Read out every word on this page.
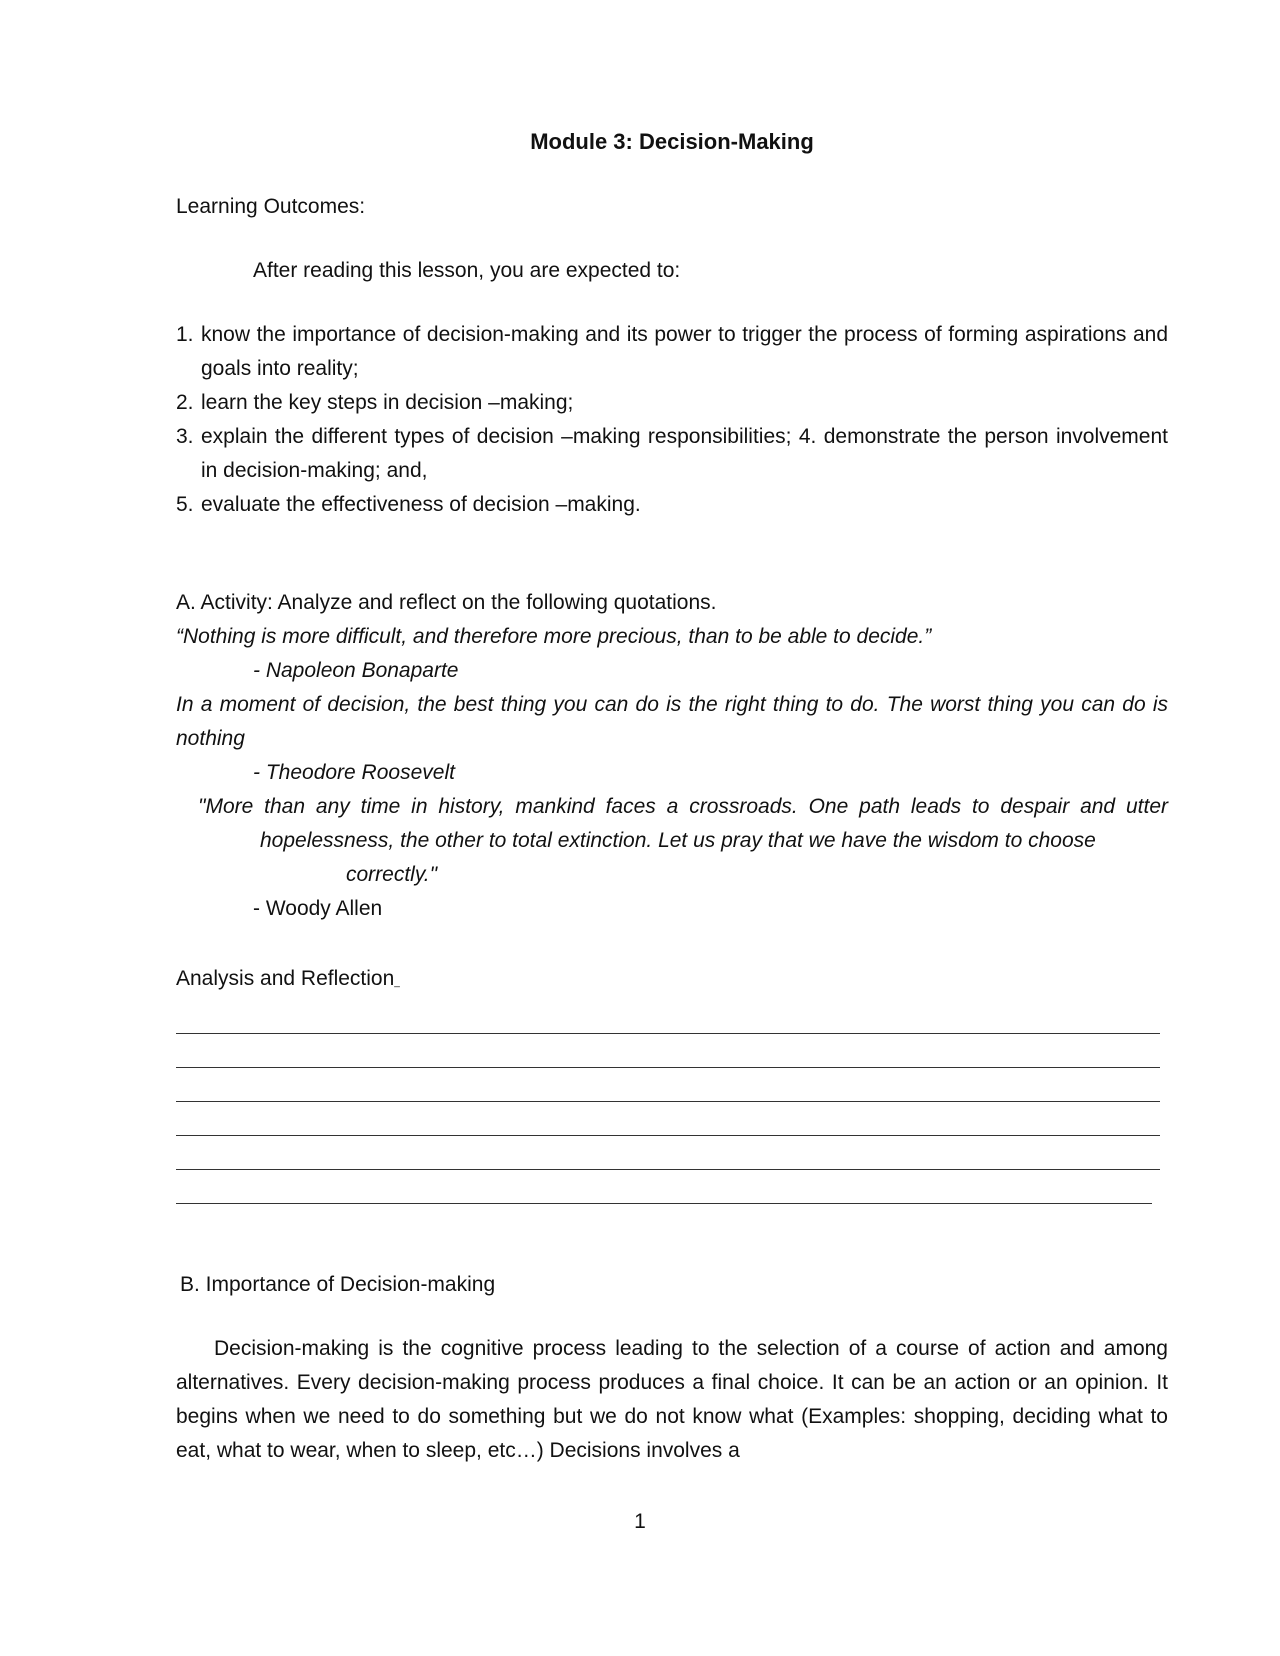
Module 3: Decision-Making

Learning Outcomes:

After reading this lesson, you are expected to:

1. know the importance of decision-making and its power to trigger the process of forming aspirations and goals into reality;
2. learn the key steps in decision –making;
3. explain the different types of decision –making responsibilities; 4. demonstrate the person involvement in decision-making; and,
5. evaluate the effectiveness of decision –making.

A. Activity: Analyze and reflect on the following quotations.

“Nothing is more difficult, and therefore more precious, than to be able to decide.”

- Napoleon Bonaparte

In a moment of decision, the best thing you can do is the right thing to do. The worst thing you can do is nothing

- Theodore Roosevelt

"More than any time in history, mankind faces a crossroads. One path leads to despair and utter hopelessness, the other to total extinction. Let us pray that we have the wisdom to choose

correctly."

- Woody Allen

Analysis and Reflection_

B. Importance of Decision-making

Decision-making is the cognitive process leading to the selection of a course of action and among alternatives. Every decision-making process produces a final choice. It can be an action or an opinion. It begins when we need to do something but we do not know what (Examples: shopping, deciding what to eat, what to wear, when to sleep, etc…) Decisions involves a

1
